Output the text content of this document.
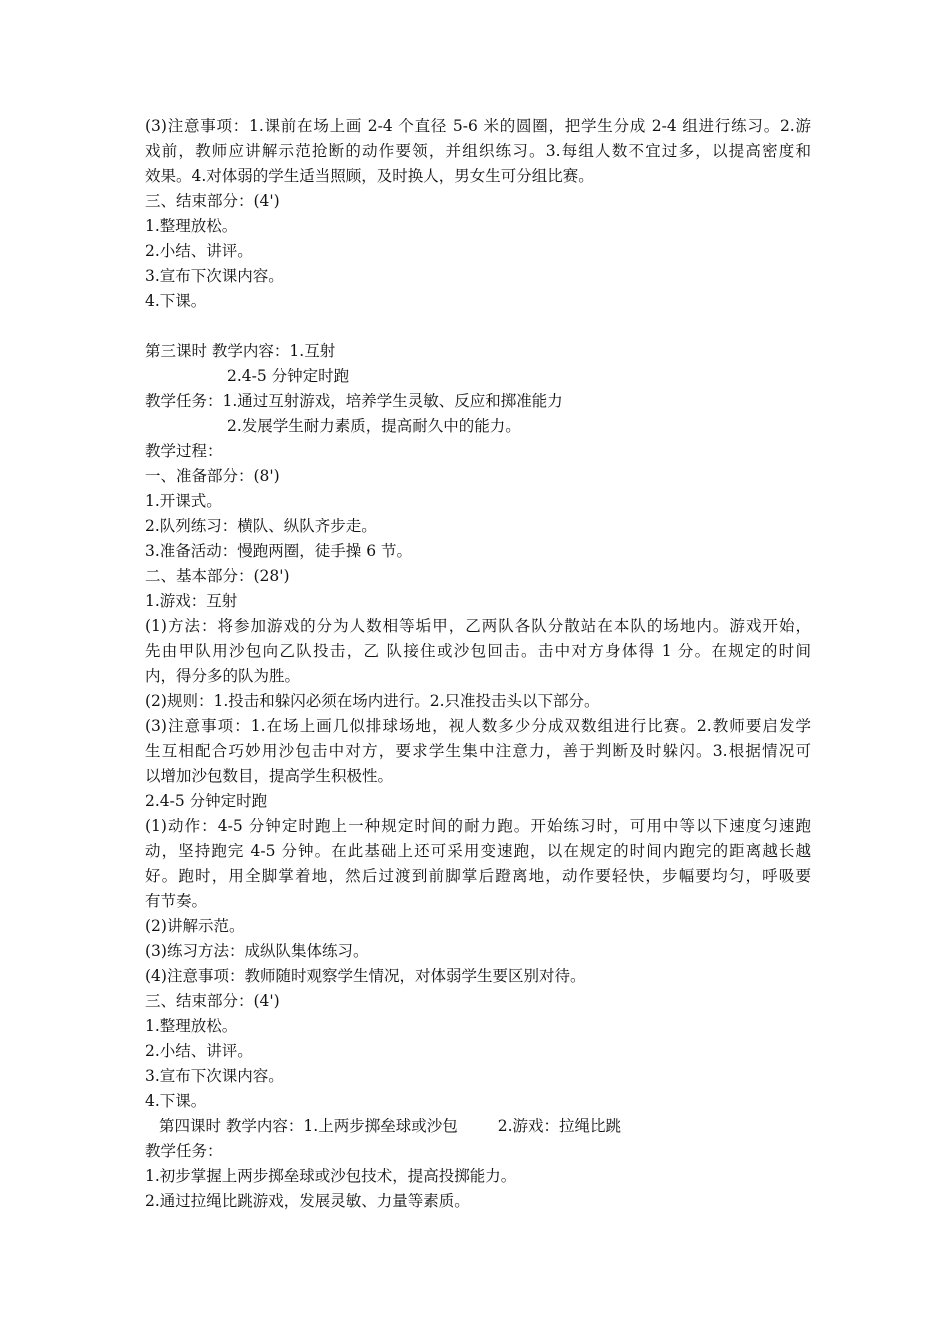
(3)注意事项：1.课前在场上画 2-4 个直径 5-6 米的圆圈，把学生分成 2-4 组进行练习。2.游
戏前，教师应讲解示范抢断的动作要领，并组织练习。3.每组人数不宜过多，以提高密度和
效果。4.对体弱的学生适当照顾，及时换人，男女生可分组比赛。
三、结束部分：(4')
1.整理放松。
2.小结、讲评。
3.宣布下次课内容。
4.下课。
第三课时 教学内容：1.互射
2.4-5 分钟定时跑
教学任务：1.通过互射游戏，培养学生灵敏、反应和掷准能力
2.发展学生耐力素质，提高耐久中的能力。
教学过程：
一、准备部分：(8')
1.开课式。
2.队列练习：横队、纵队齐步走。
3.准备活动：慢跑两圈，徒手操 6 节。
二、基本部分：(28')
1.游戏：互射
(1)方法：将参加游戏的分为人数相等垢甲，乙两队各队分散站在本队的场地内。游戏开始，
先由甲队用沙包向乙队投击，乙 队接住或沙包回击。击中对方身体得 1 分。在规定的时间
内，得分多的队为胜。
(2)规则：1.投击和躲闪必须在场内进行。2.只准投击头以下部分。
(3)注意事项：1.在场上画几似排球场地，视人数多少分成双数组进行比赛。2.教师要启发学
生互相配合巧妙用沙包击中对方，要求学生集中注意力，善于判断及时躲闪。3.根据情况可
以增加沙包数目，提高学生积极性。
2.4-5 分钟定时跑
(1)动作：4-5 分钟定时跑上一种规定时间的耐力跑。开始练习时，可用中等以下速度匀速跑
动，坚持跑完 4-5 分钟。在此基础上还可采用变速跑，以在规定的时间内跑完的距离越长越
好。跑时，用全脚掌着地，然后过渡到前脚掌后蹬离地，动作要轻快，步幅要均匀，呼吸要
有节奏。
(2)讲解示范。
(3)练习方法：成纵队集体练习。
(4)注意事项：教师随时观察学生情况，对体弱学生要区别对待。
三、结束部分：(4')
1.整理放松。
2.小结、讲评。
3.宣布下次课内容。
4.下课。
第四课时 教学内容：1.上两步掷垒球或沙包	2.游戏：拉绳比跳
教学任务：
1.初步掌握上两步掷垒球或沙包技术，提高投掷能力。
2.通过拉绳比跳游戏，发展灵敏、力量等素质。
